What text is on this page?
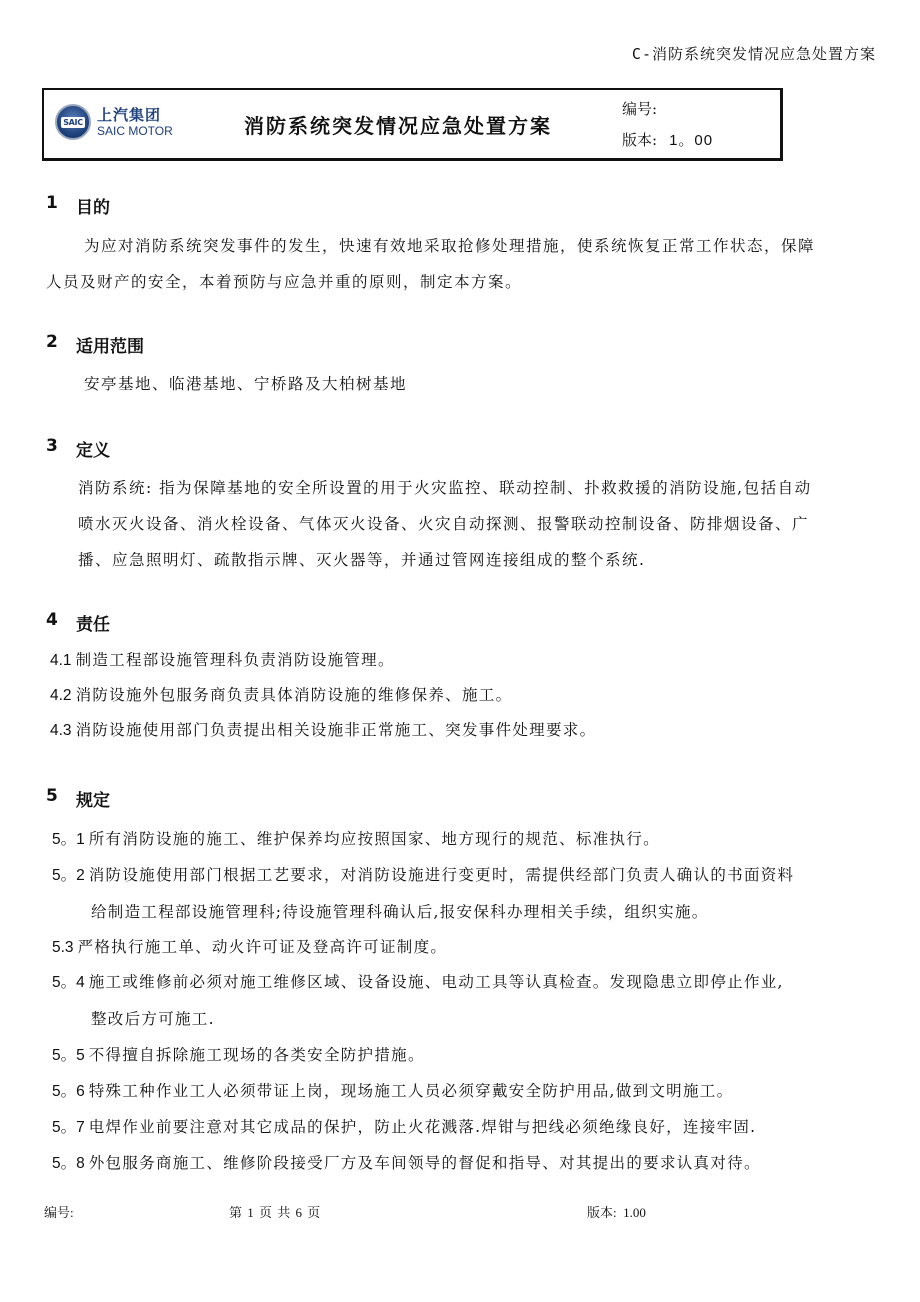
C-消防系统突发情况应急处置方案
SAIC 上汽集团
SAIC MOTOR	消防系统突发情况应急处置方案
编号:
版本: 1。00
1	目的
为应对消防系统突发事件的发生，快速有效地采取抢修处理措施，使系统恢复正常工作状态，保障
人员及财产的安全，本着预防与应急并重的原则，制定本方案。
2	适用范围
安亭基地、临港基地、宁桥路及大柏树基地
3	定义
消防系统: 指为保障基地的安全所设置的用于火灾监控、联动控制、扑救救援的消防设施,包括自动
喷水灭火设备、消火栓设备、气体灭火设备、火灾自动探测、报警联动控制设备、防排烟设备、广
播、应急照明灯、疏散指示牌、灭火器等，并通过管网连接组成的整个系统.
4	责任
4.1 制造工程部设施管理科负责消防设施管理。
4.2 消防设施外包服务商负责具体消防设施的维修保养、施工。
4.3 消防设施使用部门负责提出相关设施非正常施工、突发事件处理要求。
5	规定
5。1 所有消防设施的施工、维护保养均应按照国家、地方现行的规范、标准执行。
5。2 消防设施使用部门根据工艺要求，对消防设施进行变更时，需提供经部门负责人确认的书面资料
给制造工程部设施管理科;待设施管理科确认后,报安保科办理相关手续，组织实施。
5.3 严格执行施工单、动火许可证及登高许可证制度。
5。4 施工或维修前必须对施工维修区域、设备设施、电动工具等认真检查。发现隐患立即停止作业,
整改后方可施工.
5。5 不得擅自拆除施工现场的各类安全防护措施。
5。6 特殊工种作业工人必须带证上岗，现场施工人员必须穿戴安全防护用品,做到文明施工。
5。7 电焊作业前要注意对其它成品的保护，防止火花溅落.焊钳与把线必须绝缘良好，连接牢固.
5。8 外包服务商施工、维修阶段接受厂方及车间领导的督促和指导、对其提出的要求认真对待。
编号:	第 1 页 共 6 页	版本:  1.00
